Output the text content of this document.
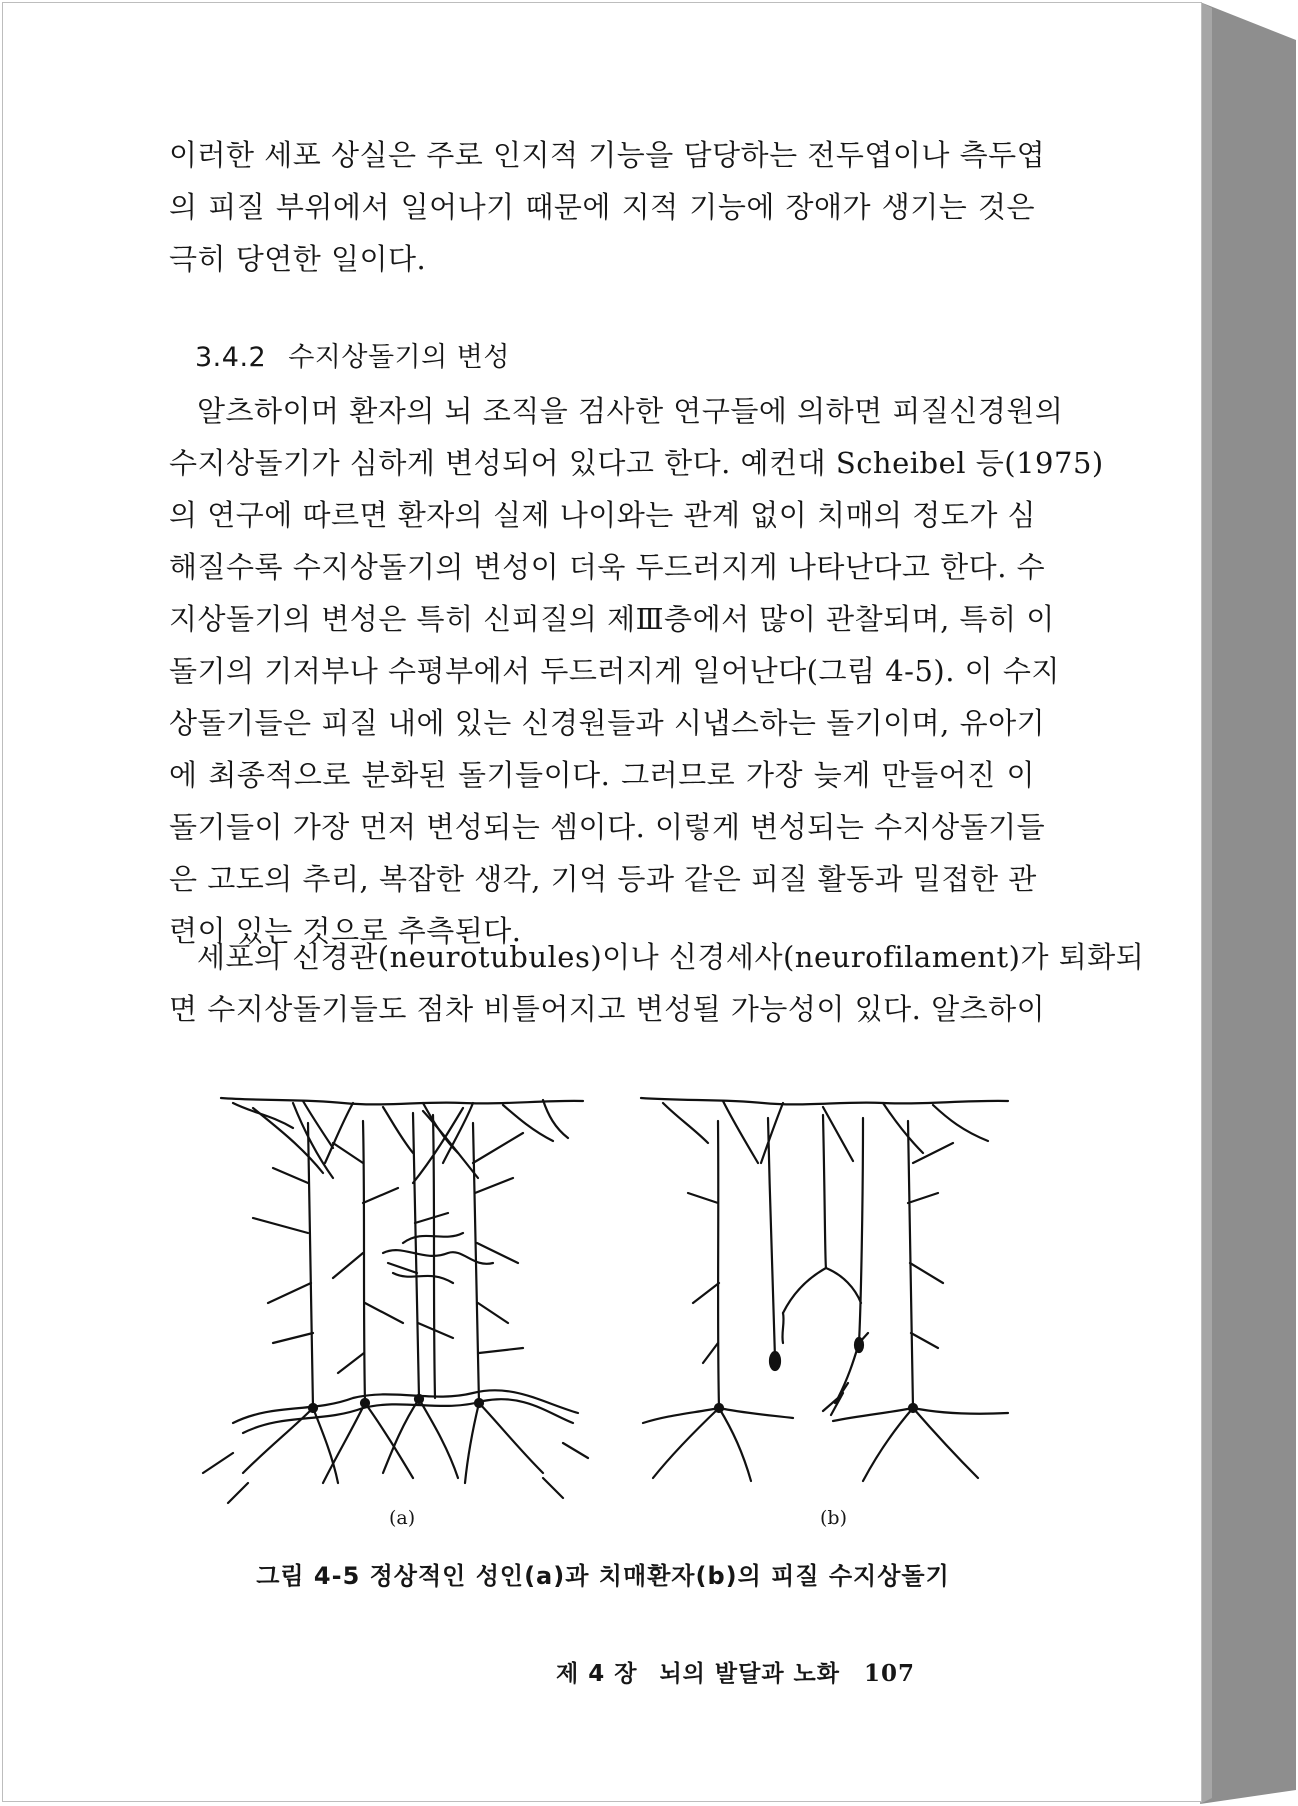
이러한 세포 상실은 주로 인지적 기능을 담당하는 전두엽이나 측두엽
의 피질 부위에서 일어나기 때문에 지적 기능에 장애가 생기는 것은
극히 당연한 일이다.
3.4.2 수지상돌기의 변성
알츠하이머 환자의 뇌 조직을 검사한 연구들에 의하면 피질신경원의
수지상돌기가 심하게 변성되어 있다고 한다. 예컨대 Scheibel 등(1975)
의 연구에 따르면 환자의 실제 나이와는 관계 없이 치매의 정도가 심
해질수록 수지상돌기의 변성이 더욱 두드러지게 나타난다고 한다. 수
지상돌기의 변성은 특히 신피질의 제Ⅲ층에서 많이 관찰되며, 특히 이
돌기의 기저부나 수평부에서 두드러지게 일어난다(그림 4-5). 이 수지
상돌기들은 피질 내에 있는 신경원들과 시냅스하는 돌기이며, 유아기
에 최종적으로 분화된 돌기들이다. 그러므로 가장 늦게 만들어진 이
돌기들이 가장 먼저 변성되는 셈이다. 이렇게 변성되는 수지상돌기들
은 고도의 추리, 복잡한 생각, 기억 등과 같은 피질 활동과 밀접한 관
련이 있는 것으로 추측된다.
세포의 신경관(neurotubules)이나 신경세사(neurofilament)가 퇴화되
면 수지상돌기들도 점차 비틀어지고 변성될 가능성이 있다. 알츠하이
(a)	(b)
그림 4-5 정상적인 성인(a)과 치매환자(b)의 피질 수지상돌기
제 4 장 뇌의 발달과 노화 107
